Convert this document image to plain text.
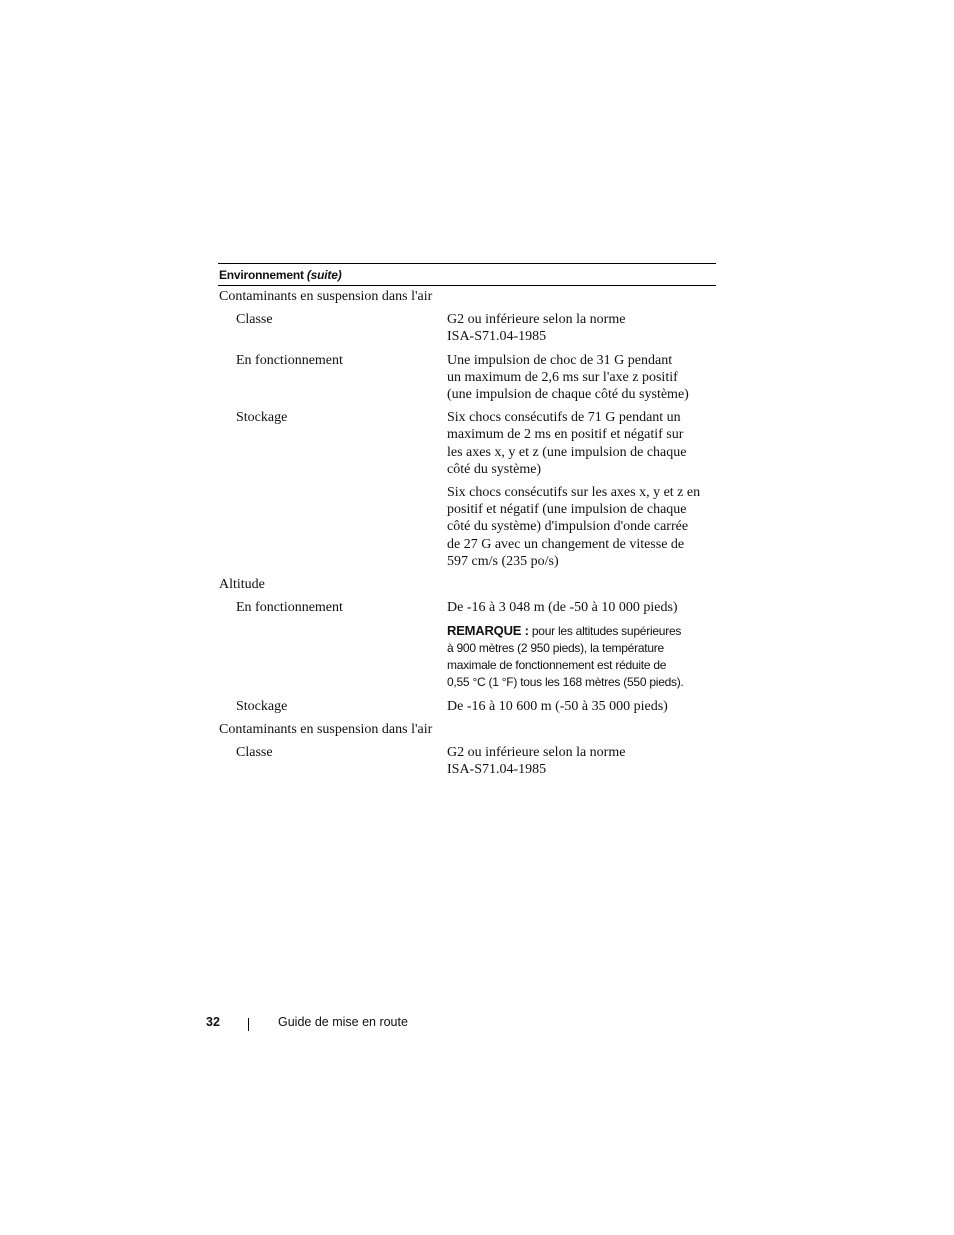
Environnement (suite)
Contaminants en suspension dans l'air
Classe	G2 ou inférieure selon la norme
ISA-S71.04-1985
En fonctionnement	Une impulsion de choc de 31 G pendant
un maximum de 2,6 ms sur l'axe z positif
(une impulsion de chaque côté du système)
Stockage	Six chocs consécutifs de 71 G pendant un
maximum de 2 ms en positif et négatif sur
les axes x, y et z (une impulsion de chaque
côté du système)
Six chocs consécutifs sur les axes x, y et z en
positif et négatif (une impulsion de chaque
côté du système) d'impulsion d'onde carrée
de 27 G avec un changement de vitesse de
597 cm/s (235 po/s)
Altitude
En fonctionnement	De -16 à 3 048 m (de -50 à 10 000 pieds)
REMARQUE : pour les altitudes supérieures
à 900 mètres (2 950 pieds), la température
maximale de fonctionnement est réduite de
0,55 °C (1 °F) tous les 168 mètres (550 pieds).
Stockage	De -16 à 10 600 m (-50 à 35 000 pieds)
Contaminants en suspension dans l'air
Classe	G2 ou inférieure selon la norme
ISA-S71.04-1985
32	Guide de mise en route
